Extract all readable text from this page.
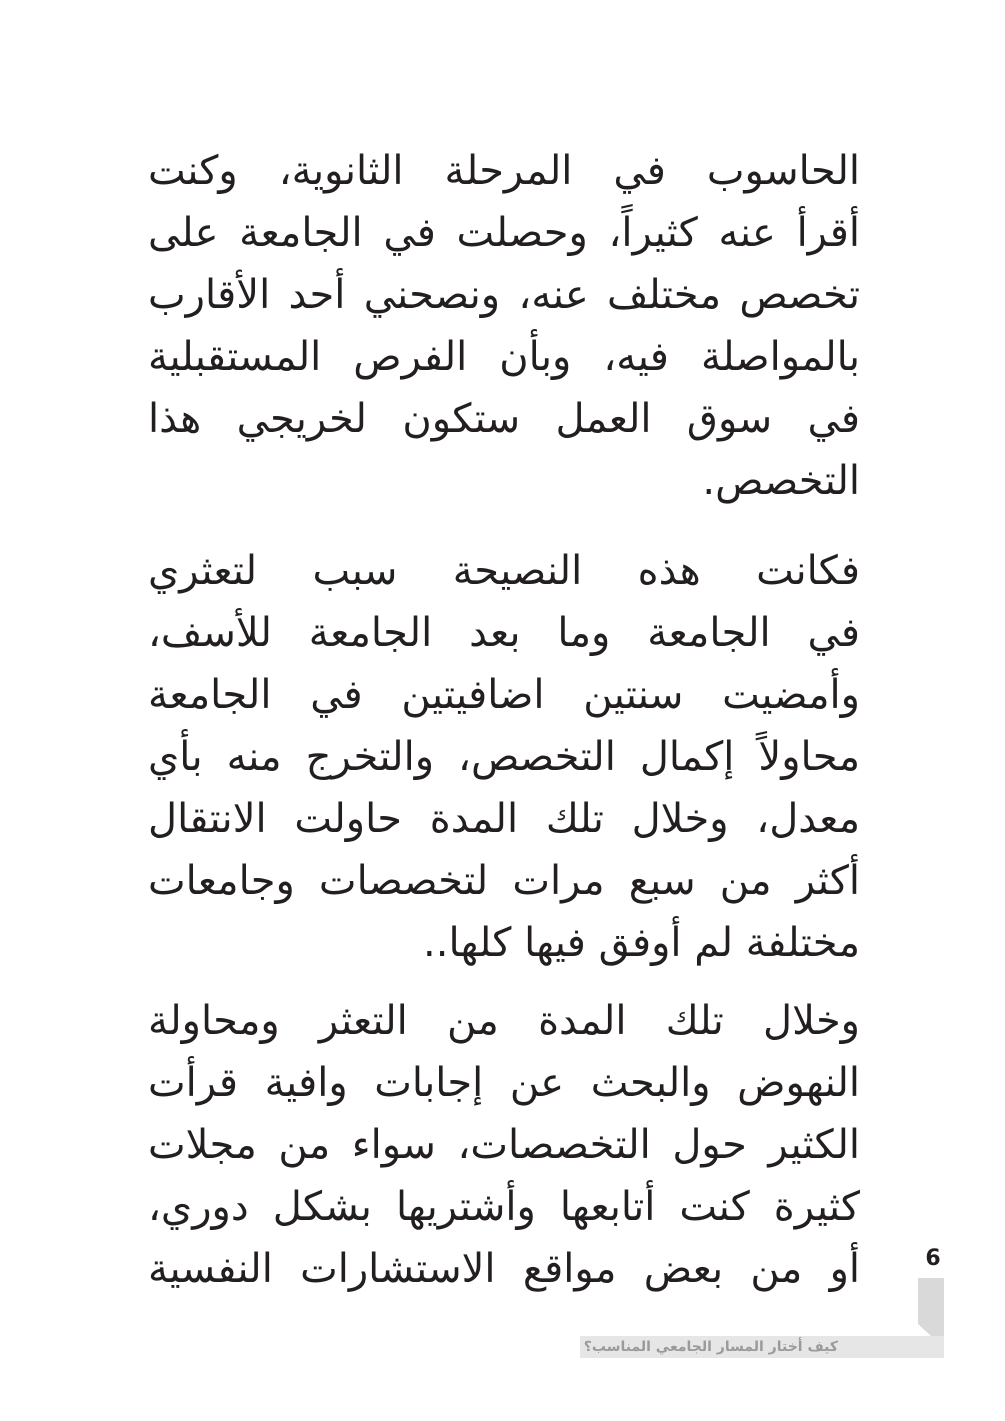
الحاسوب في المرحلة الثانوية، وكنت
أقرأ عنه كثيراً، وحصلت في الجامعة على
تخصص مختلف عنه، ونصحني أحد الأقارب
بالمواصلة فيه، وبأن الفرص المستقبلية
في سوق العمل ستكون لخريجي هذا
التخصص.
فكانت هذه النصيحة سبب لتعثري
في الجامعة وما بعد الجامعة للأسف،
وأمضيت سنتين اضافيتين في الجامعة
محاولاً إكمال التخصص، والتخرج منه بأي
معدل، وخلال تلك المدة حاولت الانتقال
أكثر من سبع مرات لتخصصات وجامعات
مختلفة لم أوفق فيها كلها..
وخلال تلك المدة من التعثر ومحاولة
النهوض والبحث عن إجابات وافية قرأت
الكثير حول التخصصات، سواء من مجلات
كثيرة كنت أتابعها وأشتريها بشكل دوري،
أو من بعض مواقع الاستشارات النفسية	6
كيف أختار المسار الجامعي المناسب؟
